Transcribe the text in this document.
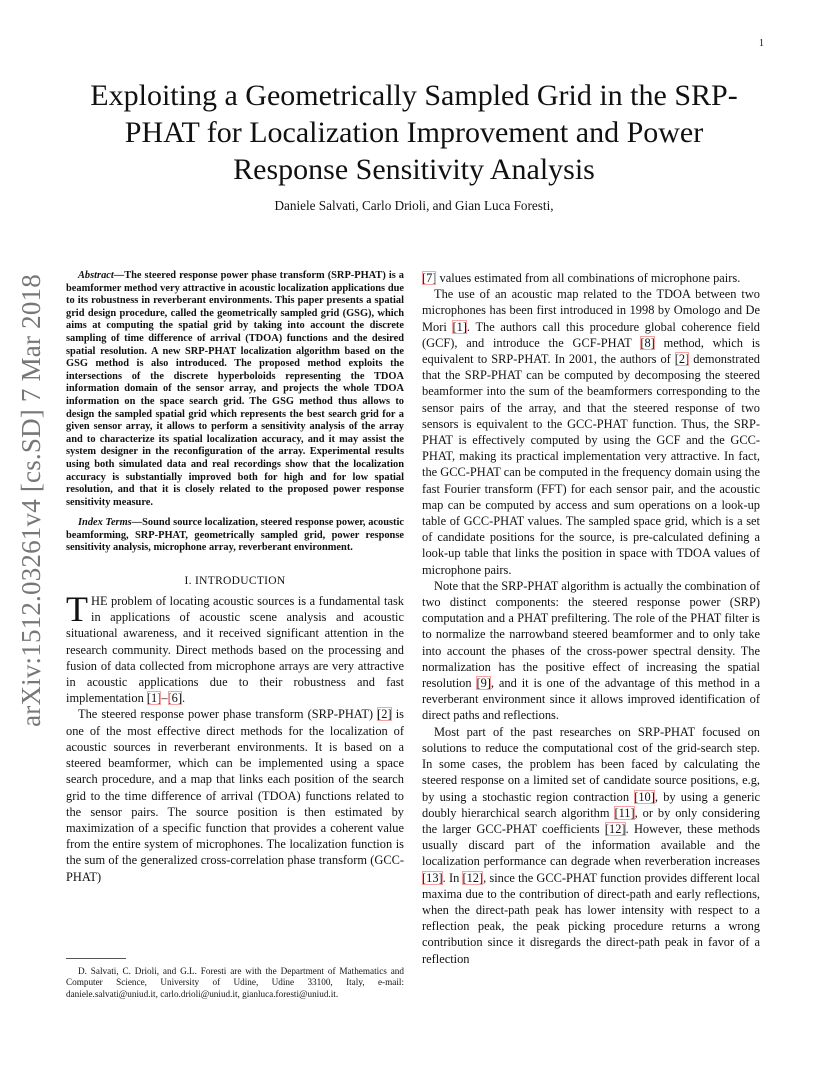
1
arXiv:1512.03261v4 [cs.SD] 7 Mar 2018
Exploiting a Geometrically Sampled Grid in the SRP-PHAT for Localization Improvement and Power Response Sensitivity Analysis
Daniele Salvati, Carlo Drioli, and Gian Luca Foresti,

Abstract—The steered response power phase transform (SRP-PHAT) is a beamformer method very attractive in acoustic localization applications due to its robustness in reverberant environments. This paper presents a spatial grid design procedure, called the geometrically sampled grid (GSG), which aims at computing the spatial grid by taking into account the discrete sampling of time difference of arrival (TDOA) functions and the desired spatial resolution. A new SRP-PHAT localization algorithm based on the GSG method is also introduced. The proposed method exploits the intersections of the discrete hyperboloids representing the TDOA information domain of the sensor array, and projects the whole TDOA information on the space search grid. The GSG method thus allows to design the sampled spatial grid which represents the best search grid for a given sensor array, it allows to perform a sensitivity analysis of the array and to characterize its spatial localization accuracy, and it may assist the system designer in the reconfiguration of the array. Experimental results using both simulated data and real recordings show that the localization accuracy is substantially improved both for high and for low spatial resolution, and that it is closely related to the proposed power response sensitivity measure.

Index Terms—Sound source localization, steered response power, acoustic beamforming, SRP-PHAT, geometrically sampled grid, power response sensitivity analysis, microphone array, reverberant environment.

I. INTRODUCTION

THE problem of locating acoustic sources is a fundamental task in applications of acoustic scene analysis and acoustic situational awareness, and it received significant attention in the research community. Direct methods based on the processing and fusion of data collected from microphone arrays are very attractive in acoustic applications due to their robustness and fast implementation [1]–[6].

The steered response power phase transform (SRP-PHAT) [2] is one of the most effective direct methods for the localization of acoustic sources in reverberant environments. It is based on a steered beamformer, which can be implemented using a space search procedure, and a map that links each position of the search grid to the time difference of arrival (TDOA) functions related to the sensor pairs. The source position is then estimated by maximization of a specific function that provides a coherent value from the entire system of microphones. The localization function is the sum of the generalized cross-correlation phase transform (GCC-PHAT)

[7] values estimated from all combinations of microphone pairs.

The use of an acoustic map related to the TDOA between two microphones has been first introduced in 1998 by Omologo and De Mori [1]. The authors call this procedure global coherence field (GCF), and introduce the GCF-PHAT [8] method, which is equivalent to SRP-PHAT. In 2001, the authors of [2] demonstrated that the SRP-PHAT can be computed by decomposing the steered beamformer into the sum of the beamformers corresponding to the sensor pairs of the array, and that the steered response of two sensors is equivalent to the GCC-PHAT function. Thus, the SRP-PHAT is effectively computed by using the GCF and the GCC-PHAT, making its practical implementation very attractive. In fact, the GCC-PHAT can be computed in the frequency domain using the fast Fourier transform (FFT) for each sensor pair, and the acoustic map can be computed by access and sum operations on a look-up table of GCC-PHAT values. The sampled space grid, which is a set of candidate positions for the source, is pre-calculated defining a look-up table that links the position in space with TDOA values of microphone pairs.

Note that the SRP-PHAT algorithm is actually the combination of two distinct components: the steered response power (SRP) computation and a PHAT prefiltering. The role of the PHAT filter is to normalize the narrowband steered beamformer and to only take into account the phases of the cross-power spectral density. The normalization has the positive effect of increasing the spatial resolution [9], and it is one of the advantage of this method in a reverberant environment since it allows improved identification of direct paths and reflections.

Most part of the past researches on SRP-PHAT focused on solutions to reduce the computational cost of the grid-search step. In some cases, the problem has been faced by calculating the steered response on a limited set of candidate source positions, e.g, by using a stochastic region contraction [10], by using a generic doubly hierarchical search algorithm [11], or by only considering the larger GCC-PHAT coefficients [12]. However, these methods usually discard part of the information available and the localization performance can degrade when reverberation increases [13]. In [12], since the GCC-PHAT function provides different local maxima due to the contribution of direct-path and early reflections, when the direct-path peak has lower intensity with respect to a reflection peak, the peak picking procedure returns a wrong contribution since it disregards the direct-path peak in favor of a reflection

D. Salvati, C. Drioli, and G.L. Foresti are with the Department of Mathematics and Computer Science, University of Udine, Udine 33100, Italy, e-mail: daniele.salvati@uniud.it, carlo.drioli@uniud.it, gianluca.foresti@uniud.it.
